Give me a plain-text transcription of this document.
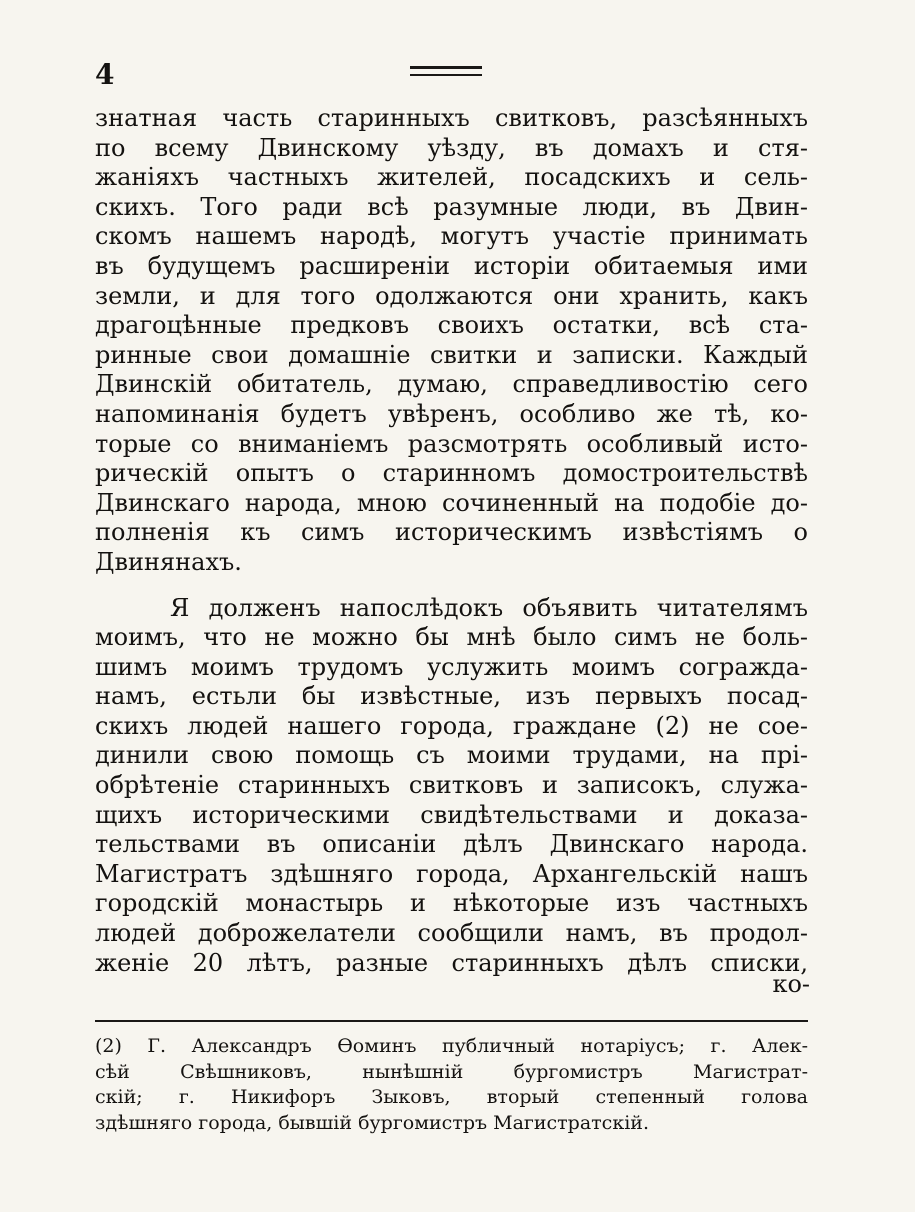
4
знатная часть старинныхъ свитковъ, разсѣянныхъ
по всему Двинскому уѣзду, въ домахъ и стя-
жаніяхъ частныхъ жителей, посадскихъ и сель-
скихъ. Того ради всѣ разумные люди, въ Двин-
скомъ нашемъ народѣ, могутъ участіе принимать
въ будущемъ расширеніи исторіи обитаемыя ими
земли, и для того одолжаются они хранить, какъ
драгоцѣнные предковъ своихъ остатки, всѣ ста-
ринные свои домашніе свитки и записки. Каждый
Двинскій обитатель, думаю, справедливостію сего
напоминанія будетъ увѣренъ, особливо же тѣ, ко-
торые со вниманіемъ разсмотрять особливый исто-
рическій опытъ о старинномъ домостроительствѣ
Двинскаго народа, мною сочиненный на подобіе до-
полненія къ симъ историческимъ извѣстіямъ о
Двинянахъ.
Я долженъ напослѣдокъ объявить читателямъ
моимъ, что не можно бы мнѣ было симъ не боль-
шимъ моимъ трудомъ услужить моимъ согражда-
намъ, естьли бы извѣстные, изъ первыхъ посад-
скихъ людей нашего города, граждане (2) не сое-
динили свою помощь съ моими трудами, на прі-
обрѣтеніе старинныхъ свитковъ и записокъ, служа-
щихъ историческими свидѣтельствами и доказа-
тельствами въ описаніи дѣлъ Двинскаго народа.
Магистратъ здѣшняго города, Архангельскій нашъ
городскій монастырь и нѣкоторые изъ частныхъ
людей доброжелатели сообщили намъ, въ продол-
женіе 20 лѣтъ, разные старинныхъ дѣлъ списки,
ко-
(2) Г. Александръ Ѳоминъ публичный нотаріусъ; г. Алек-
сѣй Свѣшниковъ, нынѣшній бургомистръ Магистрат-
скій; г. Никифоръ Зыковъ, вторый степенный голова
здѣшняго города, бывшій бургомистръ Магистратскій.
